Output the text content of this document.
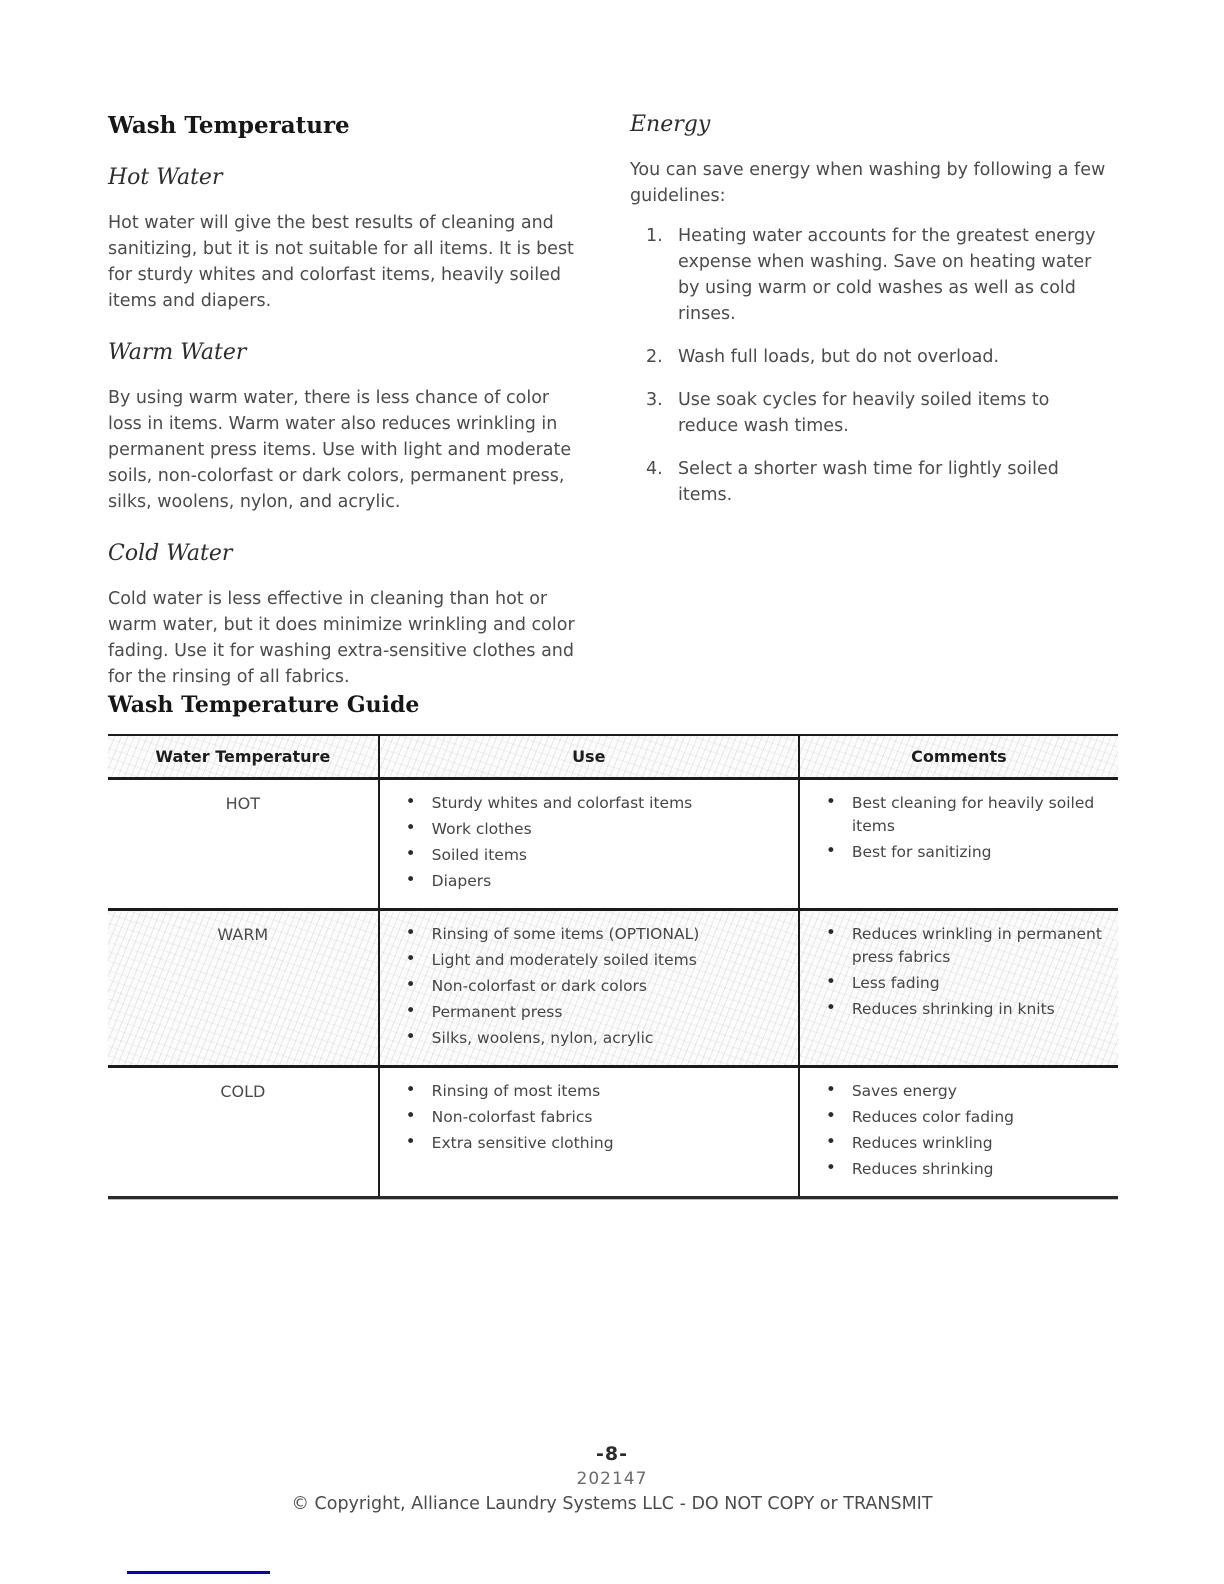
Wash Temperature
Hot Water

Hot water will give the best results of cleaning and sanitizing, but it is not suitable for all items. It is best for sturdy whites and colorfast items, heavily soiled items and diapers.

Warm Water

By using warm water, there is less chance of color loss in items. Warm water also reduces wrinkling in permanent press items. Use with light and moderate soils, non-colorfast or dark colors, permanent press, silks, woolens, nylon, and acrylic.

Cold Water

Cold water is less effective in cleaning than hot or warm water, but it does minimize wrinkling and color fading. Use it for washing extra-sensitive clothes and for the rinsing of all fabrics.

Energy

You can save energy when washing by following a few guidelines:

Heating water accounts for the greatest energy expense when washing. Save on heating water by using warm or cold washes as well as cold rinses.
Wash full loads, but do not overload.
Use soak cycles for heavily soiled items to reduce wash times.
Select a shorter wash time for lightly soiled items.
Wash Temperature Guide
Water Temperature	Use	Comments
HOT	
•Sturdy whites and colorfast items
• Work clothes
• Soiled items
• Diapers

• Best cleaning for heavily soiled items
• Best for sanitizing

WARM	
•Rinsing of some items (OPTIONAL)
• Light and moderately soiled items
• Non-colorfast or dark colors
• Permanent press
• Silks, woolens, nylon, acrylic

• Reduces wrinkling in permanent press fabrics
• Less fading
• Reduces shrinking in knits

COLD	
•Rinsing of most items
• Non-colorfast fabrics
• Extra sensitive clothing

• Saves energy
• Reduces color fading
• Reduces wrinkling
• Reduces shrinking
-8-
202147
© Copyright, Alliance Laundry Systems LLC - DO NOT COPY or TRANSMIT
